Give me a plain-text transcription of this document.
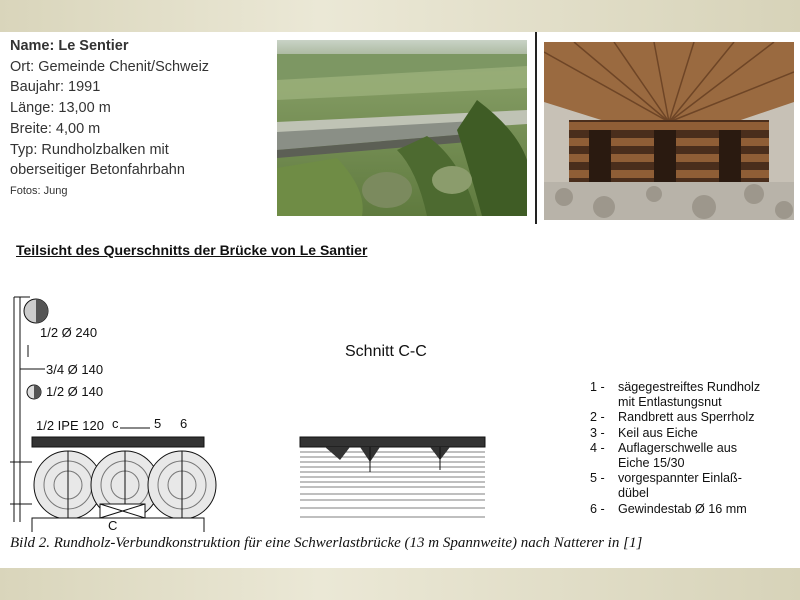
Name: Le Sentier
Ort: Gemeinde Chenit/Schweiz
Baujahr: 1991
Länge: 13,00 m
Breite: 4,00 m
Typ: Rundholzbalken mit
oberseitiger Betonfahrbahn
Fotos: Jung
Teilsicht des Querschnitts der Brücke von Le Santier
1/2 Ø 240
3/4 Ø 140
1/2 Ø 140
1/2 IPE 120 c	5 6
C
Schnitt C-C
1 -	sägegestreiftes Rundholz
mit Entlastungsnut
2 -	Randbrett aus Sperrholz
3 -	Keil aus Eiche
4 -	Auflagerschwelle aus
Eiche 15/30
5 -	vorgespannter Einlaß-
dübel
6 -	Gewindestab Ø 16 mm
Bild 2. Rundholz-Verbundkonstruktion für eine Schwerlastbrücke (13 m Spannweite) nach Natterer in [1]
